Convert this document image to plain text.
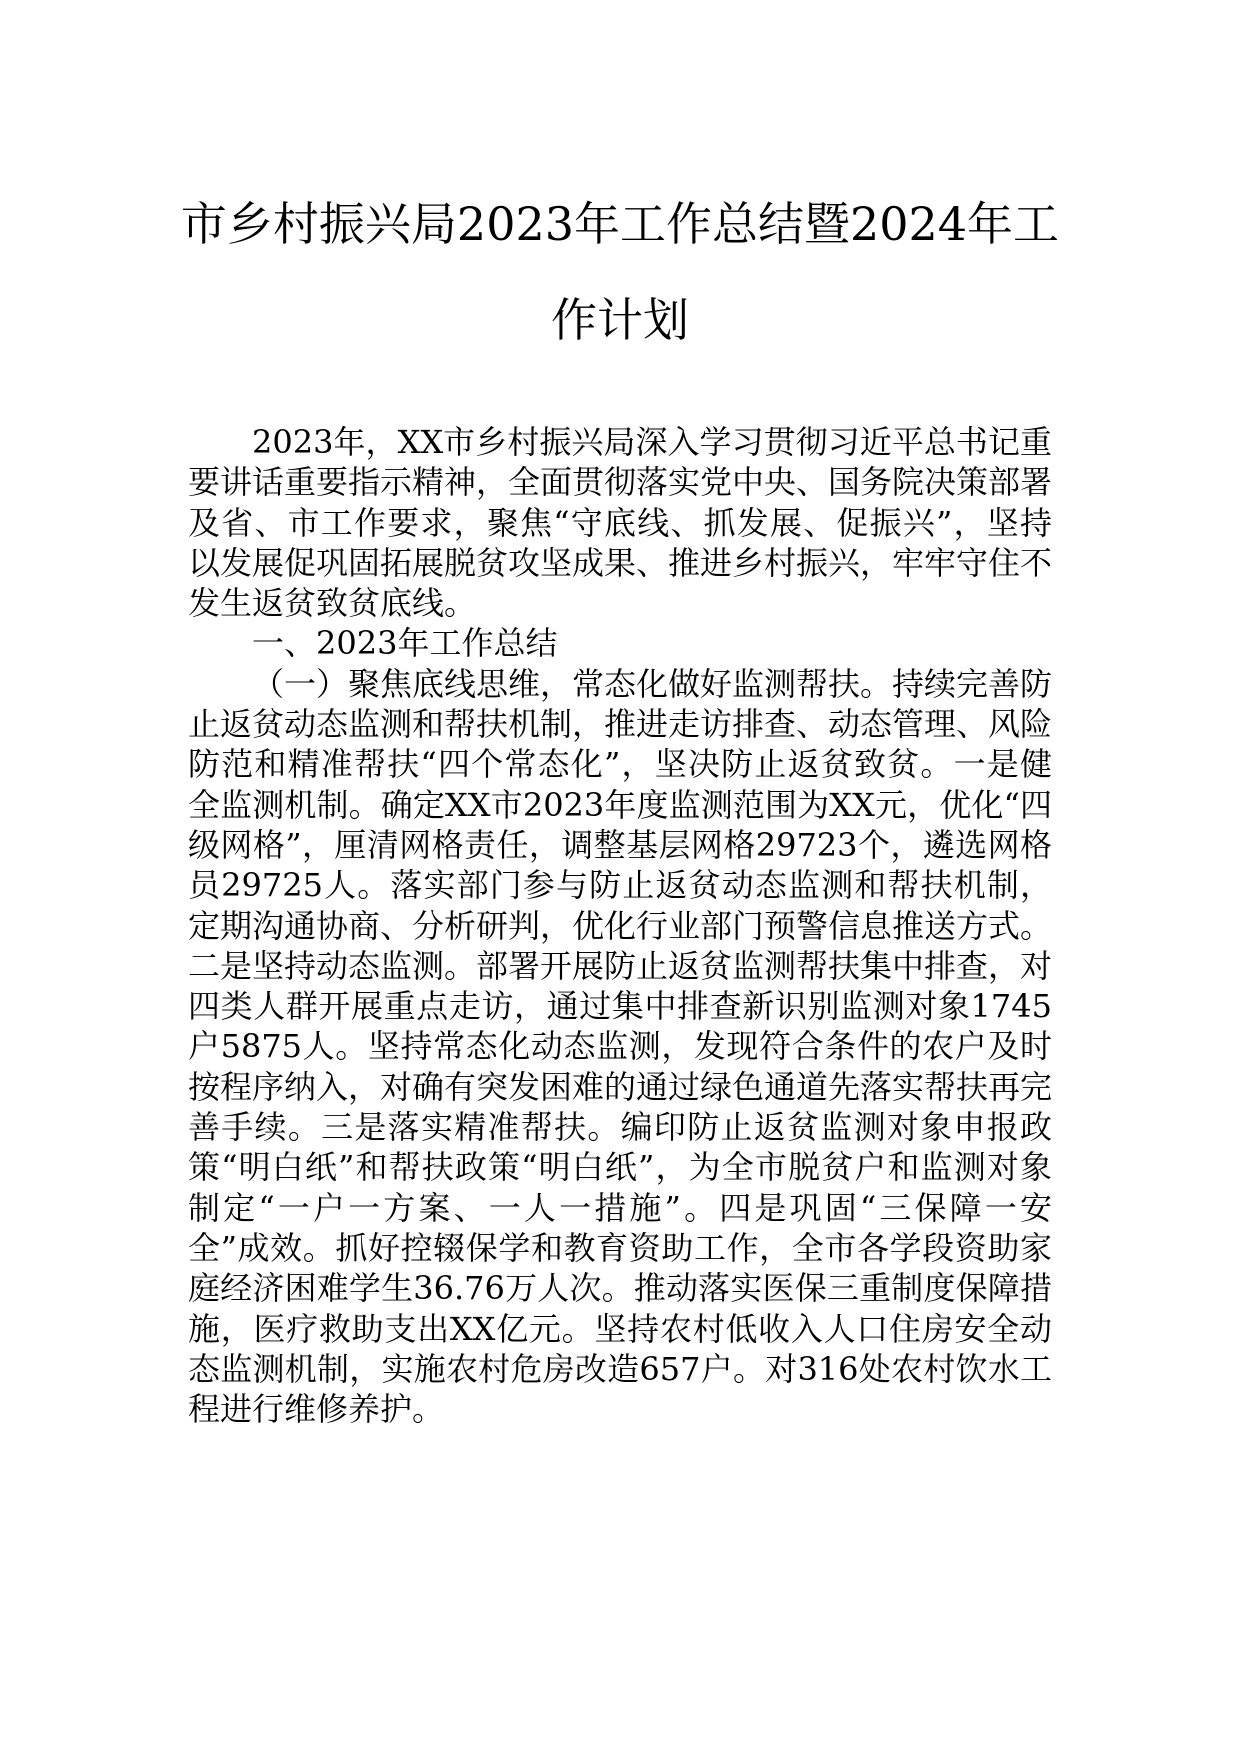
市乡村振兴局2023年工作总结暨2024年工
作计划

2023年，XX市乡村振兴局深入学习贯彻习近平总书记重要讲话重要指示精神，全面贯彻落实党中央、国务院决策部署及省、市工作要求，聚焦“守底线、抓发展、促振兴”，坚持以发展促巩固拓展脱贫攻坚成果、推进乡村振兴，牢牢守住不发生返贫致贫底线。

一、2023年工作总结

（一）聚焦底线思维，常态化做好监测帮扶。持续完善防止返贫动态监测和帮扶机制，推进走访排查、动态管理、风险防范和精准帮扶“四个常态化”，坚决防止返贫致贫。一是健全监测机制。确定XX市2023年度监测范围为XX元，优化“四级网格”，厘清网格责任，调整基层网格29723个，遴选网格员29725人。落实部门参与防止返贫动态监测和帮扶机制，定期沟通协商、分析研判，优化行业部门预警信息推送方式。二是坚持动态监测。部署开展防止返贫监测帮扶集中排查，对四类人群开展重点走访，通过集中排查新识别监测对象1745户5875人。坚持常态化动态监测，发现符合条件的农户及时按程序纳入，对确有突发困难的通过绿色通道先落实帮扶再完善手续。三是落实精准帮扶。编印防止返贫监测对象申报政策“明白纸”和帮扶政策“明白纸”，为全市脱贫户和监测对象制定“一户一方案、一人一措施”。四是巩固“三保障一安全”成效。抓好控辍保学和教育资助工作，全市各学段资助家庭经济困难学生36.76万人次。推动落实医保三重制度保障措施，医疗救助支出XX亿元。坚持农村低收入人口住房安全动态监测机制，实施农村危房改造657户。对316处农村饮水工程进行维修养护。
